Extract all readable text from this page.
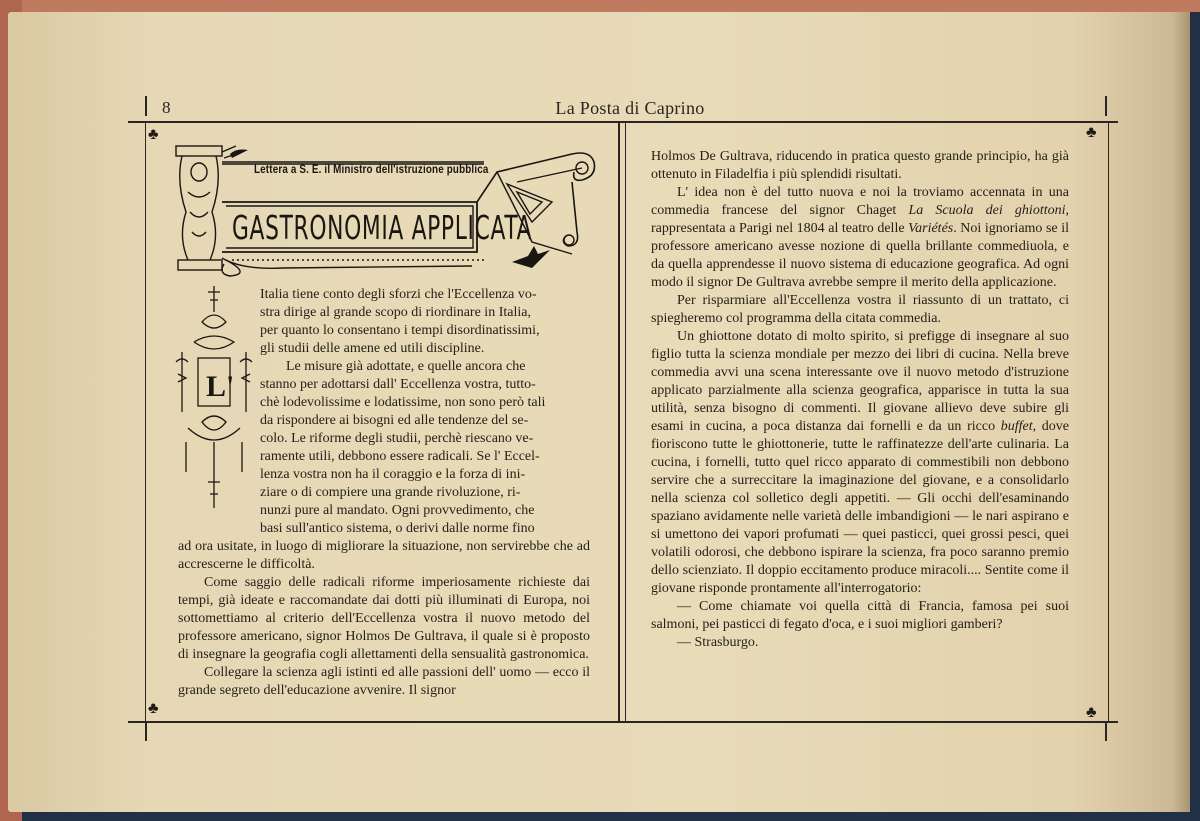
8	La Posta di Caprino
♣	♣
♣	♣
Lettera a S. E. il Ministro dell'istruzione pubblica
GASTRONOMIA APPLICATA
L'

Italia tiene conto degli sforzi che l'Eccellenza vo-

stra dirige al grande scopo di riordinare in Italia,

per quanto lo consentano i tempi disordinatissimi,

gli studii delle amene ed utili discipline.

Le misure già adottate, e quelle ancora che

stanno per adottarsi dall' Eccellenza vostra, tutto-

chè lodevolissime e lodatissime, non sono però tali

da rispondere ai bisogni ed alle tendenze del se-

colo. Le riforme degli studii, perchè riescano ve-

ramente utili, debbono essere radicali. Se l' Eccel-

lenza vostra non ha il coraggio e la forza di ini-

ziare o di compiere una grande rivoluzione, ri-

nunzi pure al mandato. Ogni provvedimento, che

basi sull'antico sistema, o derivi dalle norme fino

ad ora usitate, in luogo di migliorare la situazione, non servirebbe che ad accrescerne le difficoltà.

Come saggio delle radicali riforme imperiosamente richieste dai tempi, già ideate e raccomandate dai dotti più illuminati di Europa, noi sottomettiamo al criterio dell'Eccellenza vostra il nuovo metodo del professore americano, signor Holmos De Gultrava, il quale si è proposto di insegnare la geografia cogli allettamenti della sensualità gastronomica.

Collegare la scienza agli istinti ed alle passioni dell' uomo — ecco il grande segreto dell'educazione avvenire. Il signor

Holmos De Gultrava, riducendo in pratica questo grande principio, ha già ottenuto in Filadelfia i più splendidi risultati.

L' idea non è del tutto nuova e noi la troviamo accennata in una commedia francese del signor Chaget La Scuola dei ghiottoni, rappresentata a Parigi nel 1804 al teatro delle Variétés. Noi ignoriamo se il professore americano avesse nozione di quella brillante commediuola, e da quella apprendesse il nuovo sistema di educazione geografica. Ad ogni modo il signor De Gultrava avrebbe sempre il merito della applicazione.

Per risparmiare all'Eccellenza vostra il riassunto di un trattato, ci spiegheremo col programma della citata commedia.

Un ghiottone dotato di molto spirito, si prefigge di insegnare al suo figlio tutta la scienza mondiale per mezzo dei libri di cucina. Nella breve commedia avvi una scena interessante ove il nuovo metodo d'istruzione applicato parzialmente alla scienza geografica, apparisce in tutta la sua utilità, senza bisogno di commenti. Il giovane allievo deve subire gli esami in cucina, a poca distanza dai fornelli e da un ricco buffet, dove fioriscono tutte le ghiottonerie, tutte le raffinatezze dell'arte culinaria. La cucina, i fornelli, tutto quel ricco apparato di commestibili non debbono servire che a surreccitare la imaginazione del giovane, e a consolidarlo nella scienza col solletico degli appetiti. — Gli occhi dell'esaminando spaziano avidamente nelle varietà delle imbandigioni — le nari aspirano e si umettono dei vapori profumati — quei pasticci, quei grossi pesci, quei volatili odorosi, che debbono ispirare la scienza, fra poco saranno premio dello scienziato. Il doppio eccitamento produce miracoli.... Sentite come il giovane risponde prontamente all'interrogatorio:

— Come chiamate voi quella città di Francia, famosa pei suoi salmoni, pei pasticci di fegato d'oca, e i suoi migliori gamberi?

— Strasburgo.
